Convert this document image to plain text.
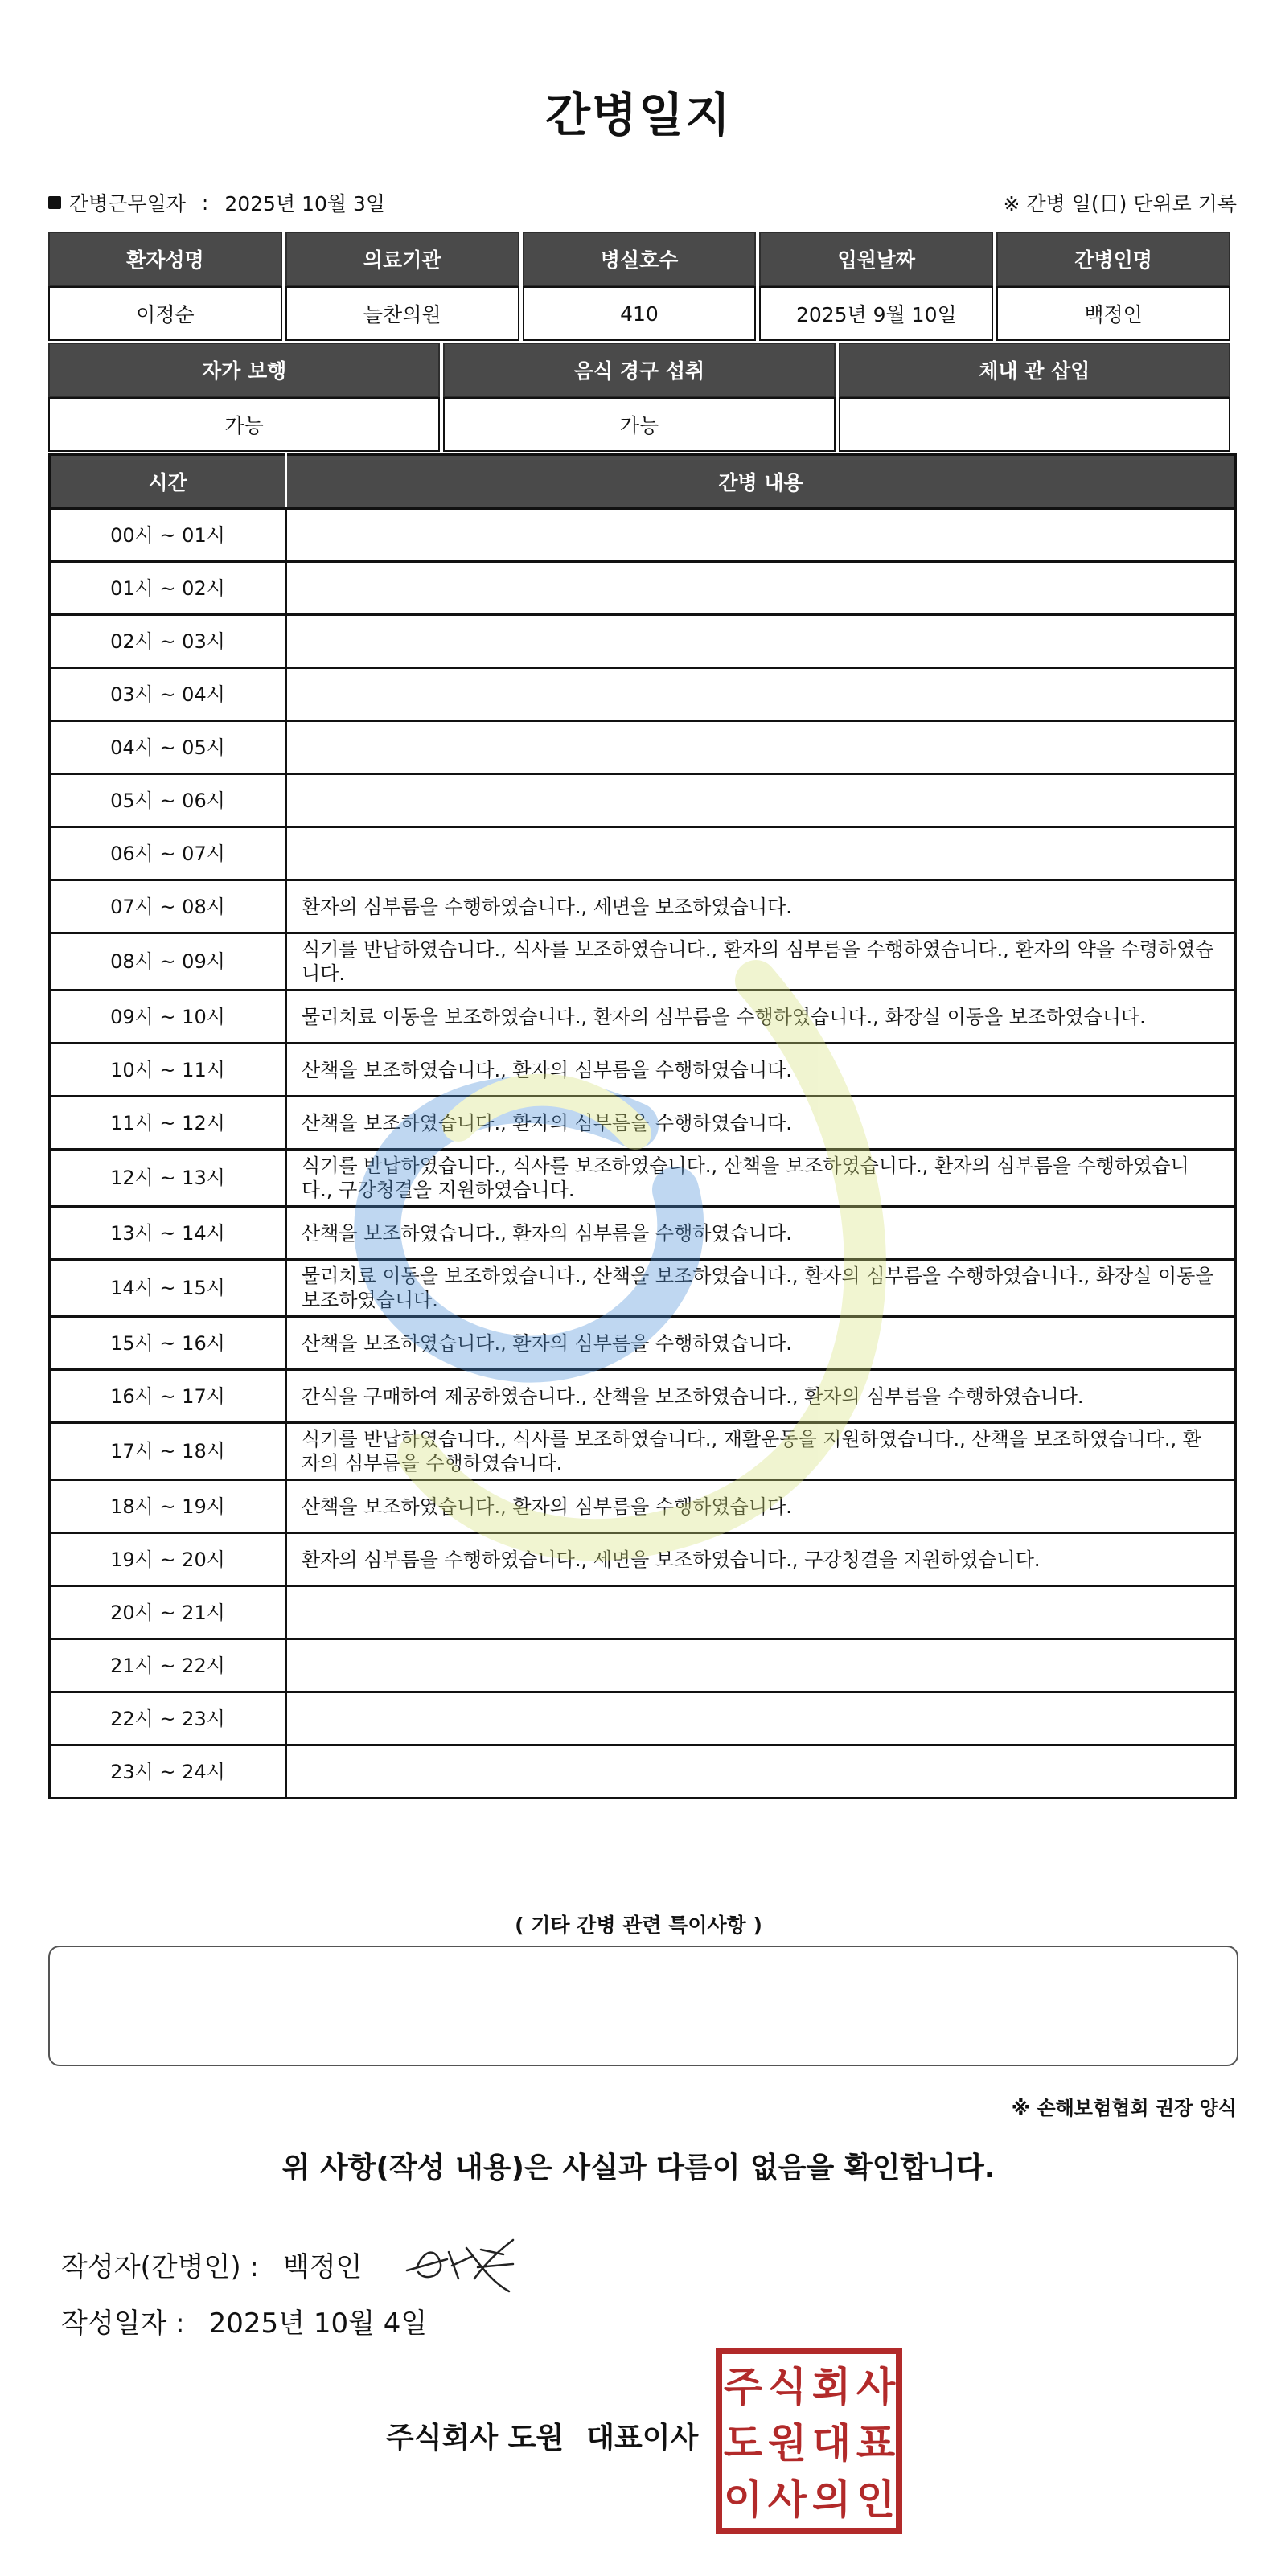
간병일지
간병근무일자 : 2025년 10월 3일	※ 간병 일(日) 단위로 기록
환자성명	의료기관	병실호수	입원날짜	간병인명
이정순	늘찬의원	410	2025년 9월 10일	백정인
자가 보행	음식 경구 섭취	체내 관 삽입
가능	가능	
시간	간병 내용
00시 ~ 01시	
01시 ~ 02시	
02시 ~ 03시	
03시 ~ 04시	
04시 ~ 05시	
05시 ~ 06시	
06시 ~ 07시	
07시 ~ 08시	환자의 심부름을 수행하였습니다., 세면을 보조하였습니다.
08시 ~ 09시	식기를 반납하였습니다., 식사를 보조하였습니다., 환자의 심부름을 수행하였습니다., 환자의 약을 수령하였습니다.
09시 ~ 10시	물리치료 이동을 보조하였습니다., 환자의 심부름을 수행하였습니다., 화장실 이동을 보조하였습니다.
10시 ~ 11시	산책을 보조하였습니다., 환자의 심부름을 수행하였습니다.
11시 ~ 12시	산책을 보조하였습니다., 환자의 심부름을 수행하였습니다.
12시 ~ 13시	식기를 반납하였습니다., 식사를 보조하였습니다., 산책을 보조하였습니다., 환자의 심부름을 수행하였습니다., 구강청결을 지원하였습니다.
13시 ~ 14시	산책을 보조하였습니다., 환자의 심부름을 수행하였습니다.
14시 ~ 15시	물리치료 이동을 보조하였습니다., 산책을 보조하였습니다., 환자의 심부름을 수행하였습니다., 화장실 이동을 보조하였습니다.
15시 ~ 16시	산책을 보조하였습니다., 환자의 심부름을 수행하였습니다.
16시 ~ 17시	간식을 구매하여 제공하였습니다., 산책을 보조하였습니다., 환자의 심부름을 수행하였습니다.
17시 ~ 18시	식기를 반납하였습니다., 식사를 보조하였습니다., 재활운동을 지원하였습니다., 산책을 보조하였습니다., 환자의 심부름을 수행하였습니다.
18시 ~ 19시	산책을 보조하였습니다., 환자의 심부름을 수행하였습니다.
19시 ~ 20시	환자의 심부름을 수행하였습니다., 세면을 보조하였습니다., 구강청결을 지원하였습니다.
20시 ~ 21시	
21시 ~ 22시	
22시 ~ 23시	
23시 ~ 24시	
( 기타 간병 관련 특이사항 )
※ 손해보험협회 권장 양식
위 사항(작성 내용)은 사실과 다름이 없음을 확인합니다.
작성자(간병인) : 백정인
작성일자 : 2025년 10월 4일
주식회사 도원 대표이사
주 식 회 사
도 원 대 표
이 사 의 인
